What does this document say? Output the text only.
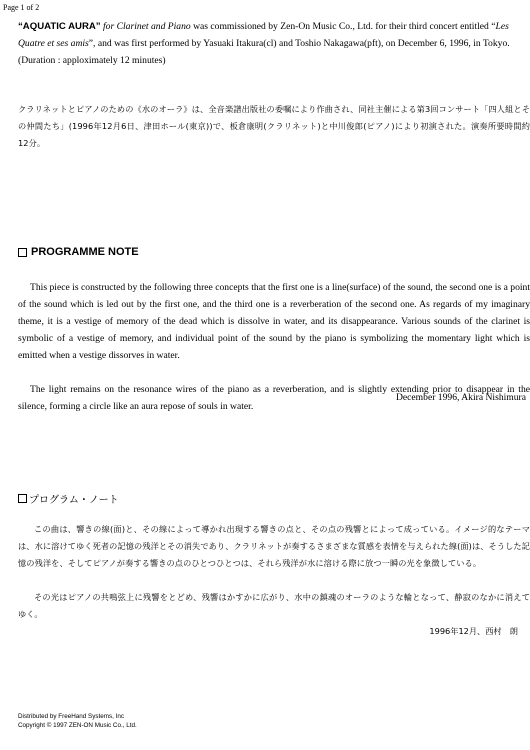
Page 1 of 2
“AQUATIC AURA” for Clarinet and Piano was commissioned by Zen-On Music Co., Ltd. for their third concert entitled “Les Quatre et ses amis”, and was first performed by Yasuaki Itakura(cl) and Toshio Nakagawa(pft), on December 6, 1996, in Tokyo. (Duration : apploximately 12 minutes)
クラリネットとピアノのための《水のオーラ》は、全音楽譜出版社の委嘱により作曲され、同社主催による第3回コンサート「四人組とその仲間たち」(1996年12月6日、津田ホール(東京))で、板倉康明(クラリネット)と中川俊郎(ピアノ)により初演された。演奏所要時間約12分。
PROGRAMME NOTE

This piece is constructed by the following three concepts that the first one is a line(surface) of the sound, the second one is a point of the sound which is led out by the first one, and the third one is a reverberation of the second one. As regards of my imaginary theme, it is a vestige of memory of the dead which is dissolve in water, and its disappearance. Various sounds of the clarinet is symbolic of a vestige of memory, and individual point of the sound by the piano is symbolizing the momentary light which is emitted when a vestige dissorves in water.

The light remains on the resonance wires of the piano as a reverberation, and is slightly extending prior to disappear in the silence, forming a circle like an aura repose of souls in water.

December 1996, Akira Nishimura
プログラム・ノート

この曲は、響きの線(面)と、その線によって導かれ出現する響きの点と、その点の残響とによって成っている。イメージ的なテーマは、水に溶けてゆく死者の記憶の残洋とその消失であり、クラリネットが奏するさまざまな質感を表情を与えられた線(面)は、そうした記憶の残洋を、そしてピアノが奏する響きの点のひとつひとつは、それら残洋が水に溶ける際に放つ一瞬の光を象徴している。

その光はピアノの共鳴弦上に残響をとどめ、残響はかすかに広がり、水中の鎮魂のオーラのような輪となって、静寂のなかに消えてゆく。

1996年12月、西村　朗
Distributed by FreeHand Systems, Inc
Copyright © 1997 ZEN-ON Music Co., Ltd.
